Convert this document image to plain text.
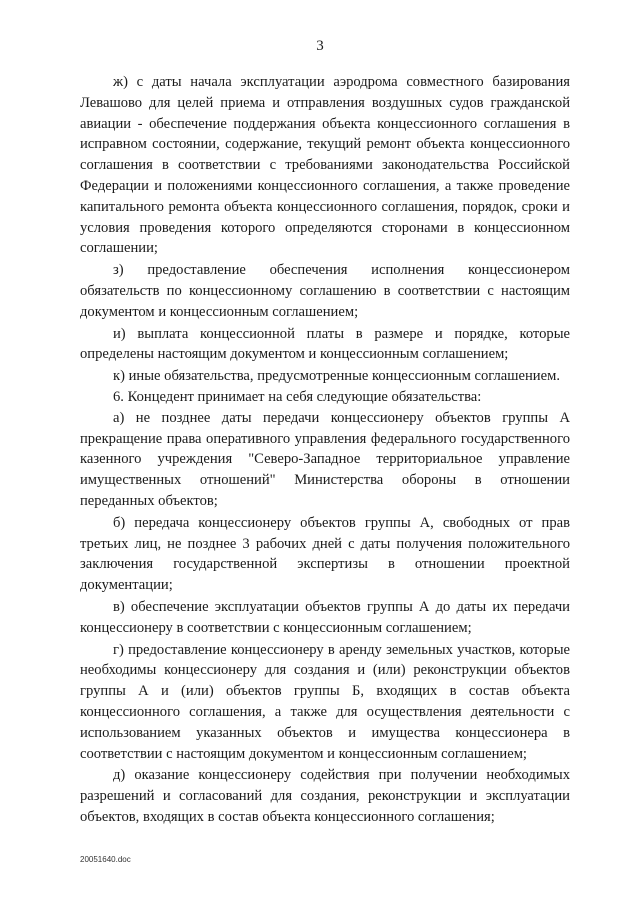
3

ж) с даты начала эксплуатации аэродрома совместного базирования Левашово для целей приема и отправления воздушных судов гражданской авиации - обеспечение поддержания объекта концессионного соглашения в исправном состоянии, содержание, текущий ремонт объекта концессионного соглашения в соответствии с требованиями законодательства Российской Федерации и положениями концессионного соглашения, а также проведение капитального ремонта объекта концессионного соглашения, порядок, сроки и условия проведения которого определяются сторонами в концессионном соглашении;

з) предоставление обеспечения исполнения концессионером обязательств по концессионному соглашению в соответствии с настоящим документом и концессионным соглашением;

и) выплата концессионной платы в размере и порядке, которые определены настоящим документом и концессионным соглашением;

к) иные обязательства, предусмотренные концессионным соглашением.

6. Концедент принимает на себя следующие обязательства:

а) не позднее даты передачи концессионеру объектов группы А прекращение права оперативного управления федерального государственного казенного учреждения "Северо-Западное территориальное управление имущественных отношений" Министерства обороны в отношении переданных объектов;

б) передача концессионеру объектов группы А, свободных от прав третьих лиц, не позднее 3 рабочих дней с даты получения положительного заключения государственной экспертизы в отношении проектной документации;

в) обеспечение эксплуатации объектов группы А до даты их передачи концессионеру в соответствии с концессионным соглашением;

г) предоставление концессионеру в аренду земельных участков, которые необходимы концессионеру для создания и (или) реконструкции объектов группы А и (или) объектов группы Б, входящих в состав объекта концессионного соглашения, а также для осуществления деятельности с использованием указанных объектов и имущества концессионера в соответствии с настоящим документом и концессионным соглашением;

д) оказание концессионеру содействия при получении необходимых разрешений и согласований для создания, реконструкции и эксплуатации объектов, входящих в состав объекта концессионного соглашения;

20051640.doc
